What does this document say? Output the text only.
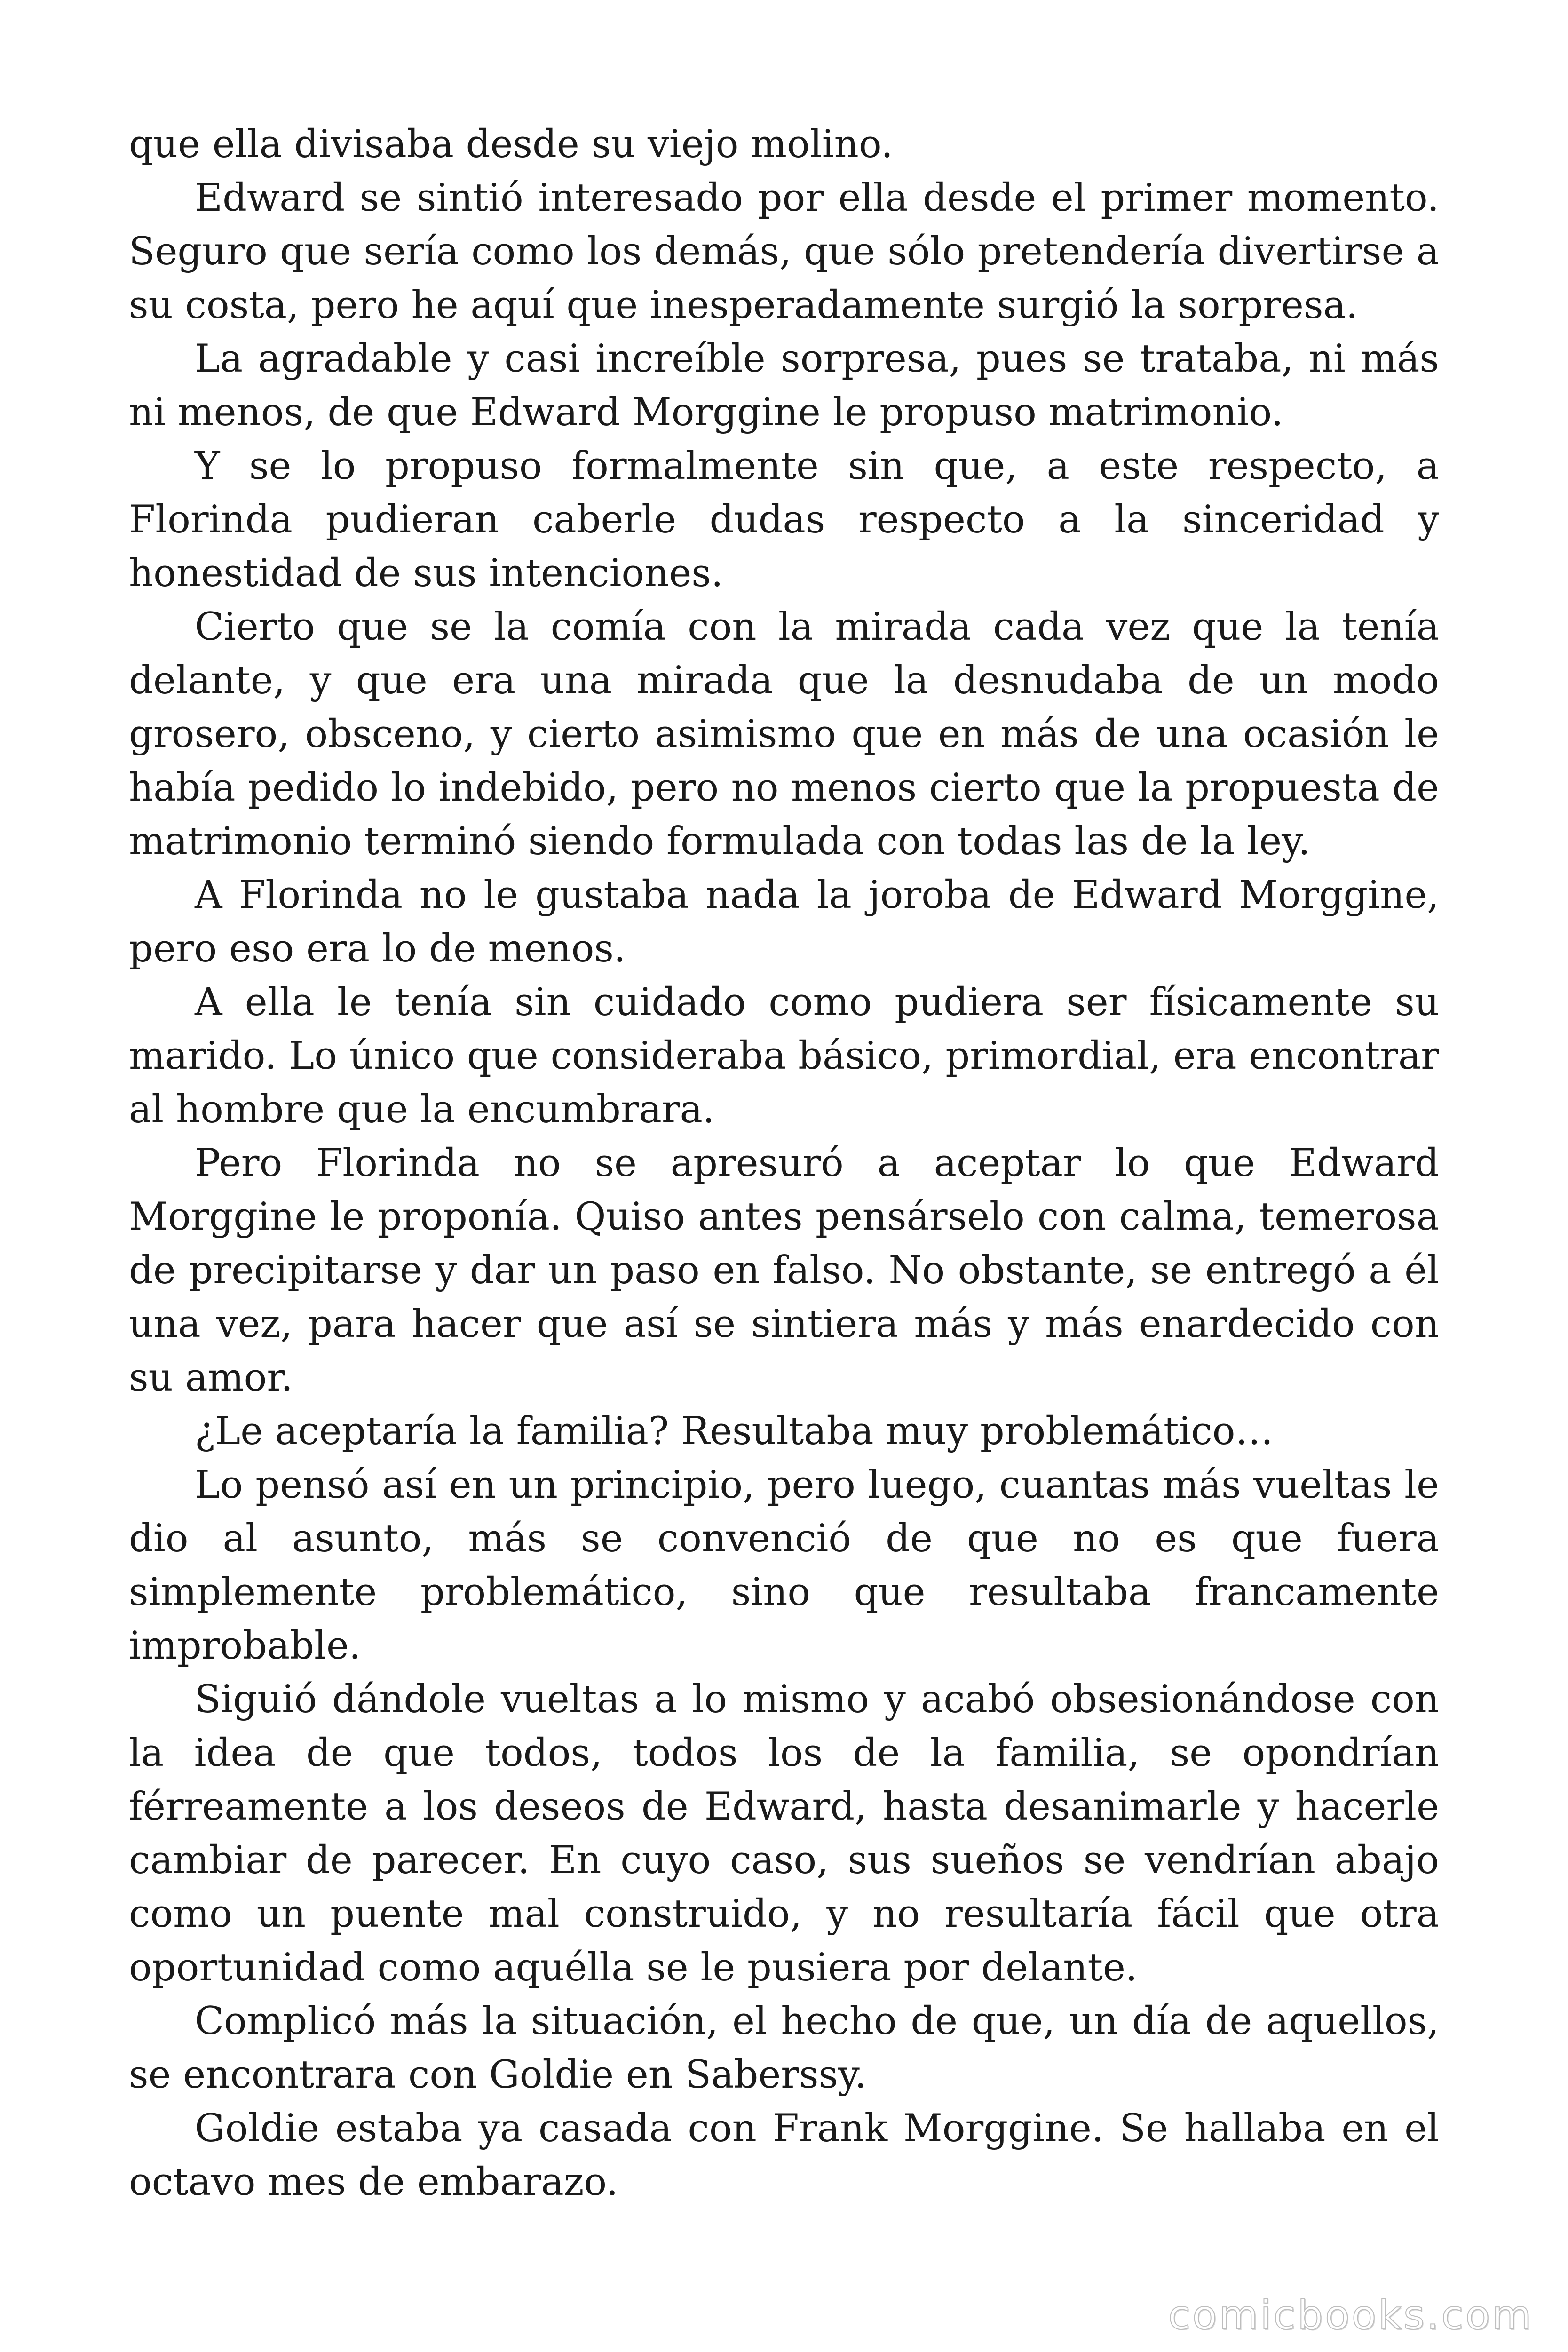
que ella divisaba desde su viejo molino.

Edward se sintió interesado por ella desde el primer momento. Seguro que sería como los demás, que sólo pretendería divertirse a su costa, pero he aquí que inesperadamente surgió la sorpresa.

La agradable y casi increíble sorpresa, pues se trataba, ni más ni menos, de que Edward Morggine le propuso matrimonio.

Y se lo propuso formalmente sin que, a este respecto, a Florinda pudieran caberle dudas respecto a la sinceridad y honestidad de sus intenciones.

Cierto que se la comía con la mirada cada vez que la tenía delante, y que era una mirada que la desnudaba de un modo grosero, obsceno, y cierto asimismo que en más de una ocasión le había pedido lo indebido, pero no menos cierto que la propuesta de matrimonio terminó siendo formulada con todas las de la ley.

A Florinda no le gustaba nada la joroba de Edward Morggine, pero eso era lo de menos.

A ella le tenía sin cuidado como pudiera ser físicamente su marido. Lo único que consideraba básico, primordial, era encontrar al hombre que la encumbrara.

Pero Florinda no se apresuró a aceptar lo que Edward Morggine le proponía. Quiso antes pensárselo con calma, temerosa de precipitarse y dar un paso en falso. No obstante, se entregó a él una vez, para hacer que así se sintiera más y más enardecido con su amor.

¿Le aceptaría la familia? Resultaba muy problemático…

Lo pensó así en un principio, pero luego, cuantas más vueltas le dio al asunto, más se convenció de que no es que fuera simplemente problemático, sino que resultaba francamente improbable.

Siguió dándole vueltas a lo mismo y acabó obsesionándose con la idea de que todos, todos los de la familia, se opondrían férreamente a los deseos de Edward, hasta desanimarle y hacerle cambiar de parecer. En cuyo caso, sus sueños se vendrían abajo como un puente mal construido, y no resultaría fácil que otra oportunidad como aquélla se le pusiera por delante.

Complicó más la situación, el hecho de que, un día de aquellos, se encontrara con Goldie en Saberssy.

Goldie estaba ya casada con Frank Morggine. Se hallaba en el octavo mes de embarazo.

comicbooks.com
